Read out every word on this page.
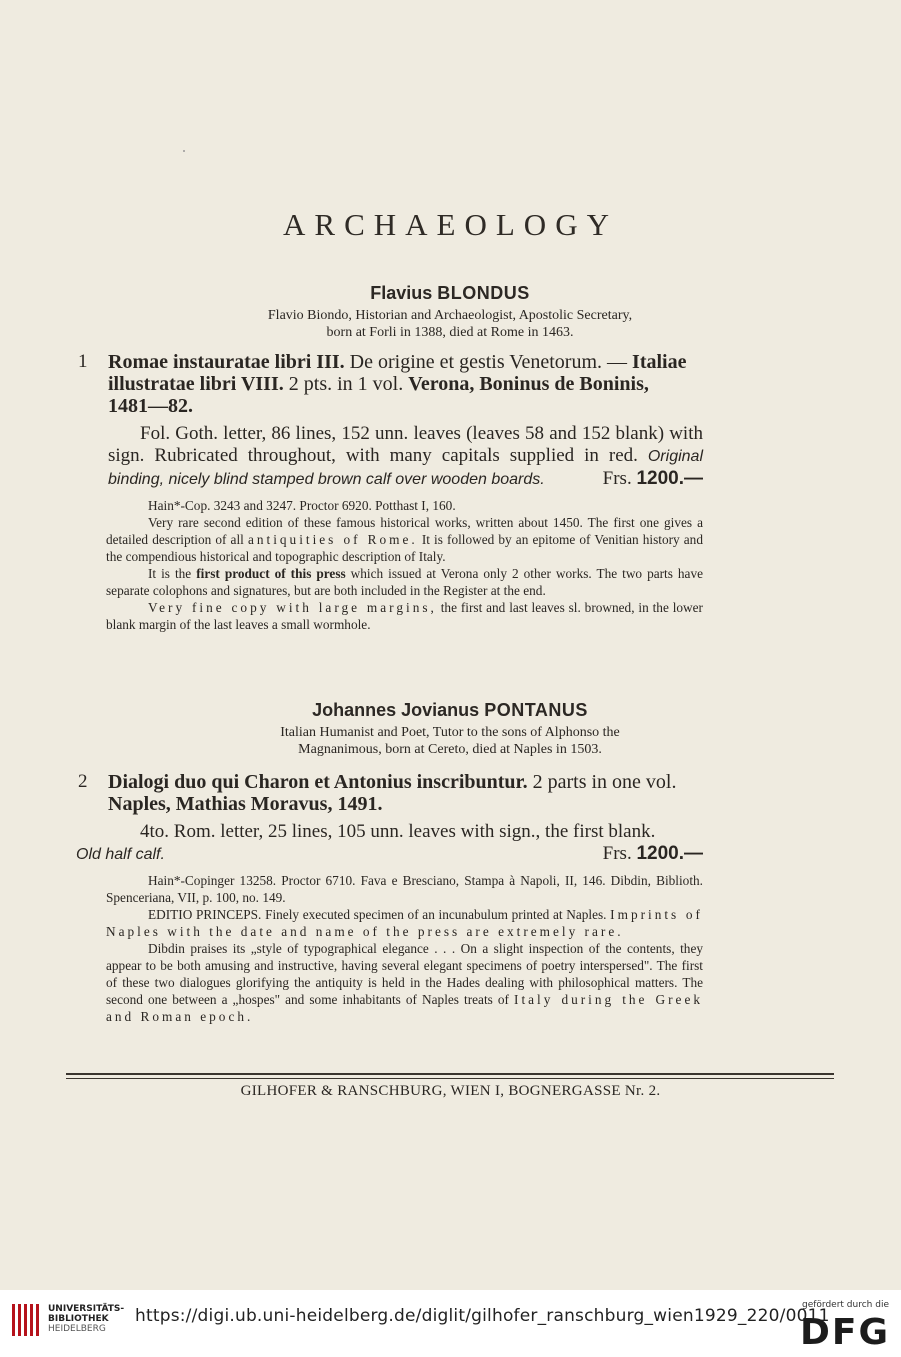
ARCHAEOLOGY
Flavius BLONDUS
Flavio Biondo, Historian and Archaeologist, Apostolic Secretary,
born at Forli in 1388, died at Rome in 1463.
1 Romae instauratae libri III. De origine et gestis Venetorum. — Italiae illustratae libri VIII. 2 pts. in 1 vol. Verona, Boninus de Boninis,
1481—82.
Fol. Goth. letter, 86 lines, 152 unn. leaves (leaves 58 and 152 blank) with sign. Rubricated throughout, with many capitals supplied in red. Original binding, nicely blind stamped brown calf over wooden boards.	Frs. 1200.—

Hain*-Cop. 3243 and 3247. Proctor 6920. Potthast I, 160.

Very rare second edition of these famous historical works, written about 1450. The first one gives a detailed description of all antiquities of Rome. It is followed by an epitome of Venitian history and the compendious historical and topographic description of Italy.

It is the first product of this press which issued at Verona only 2 other works. The two parts have separate colophons and signatures, but are both included in the Register at the end.

Very fine copy with large margins, the first and last leaves sl. browned, in the lower blank margin of the last leaves a small wormhole.

Johannes Jovianus PONTANUS
Italian Humanist and Poet, Tutor to the sons of Alphonso the
Magnanimous, born at Cereto, died at Naples in 1503.
2 Dialogi duo qui Charon et Antonius inscribuntur. 2 parts in one vol.
Naples, Mathias Moravus, 1491.
4to. Rom. letter, 25 lines, 105 unn. leaves with sign., the first blank.
Old half calf.	Frs. 1200.—

Hain*-Copinger 13258. Proctor 6710. Fava e Bresciano, Stampa à Napoli, II, 146. Dibdin, Biblioth. Spenceriana, VII, p. 100, no. 149.

EDITIO PRINCEPS. Finely executed specimen of an incunabulum printed at Naples. Imprints of Naples with the date and name of the press are extremely rare.

Dibdin praises its „style of typographical elegance . . . On a slight inspection of the contents, they appear to be both amusing and instructive, having several elegant specimens of poetry interspersed". The first of these two dialogues glorifying the antiquity is held in the Hades dealing with philosophical matters. The second one between a „hospes" and some inhabitants of Naples treats of Italy during the Greek and Roman epoch.

GILHOFER & RANSCHBURG, WIEN I, BOGNERGASSE Nr. 2.
UNIVERSITÄTS-
BIBLIOTHEK
HEIDELBERG
https://digi.ub.uni-heidelberg.de/diglit/gilhofer_ranschburg_wien1929_220/0011
gefördert durch die
DFG
